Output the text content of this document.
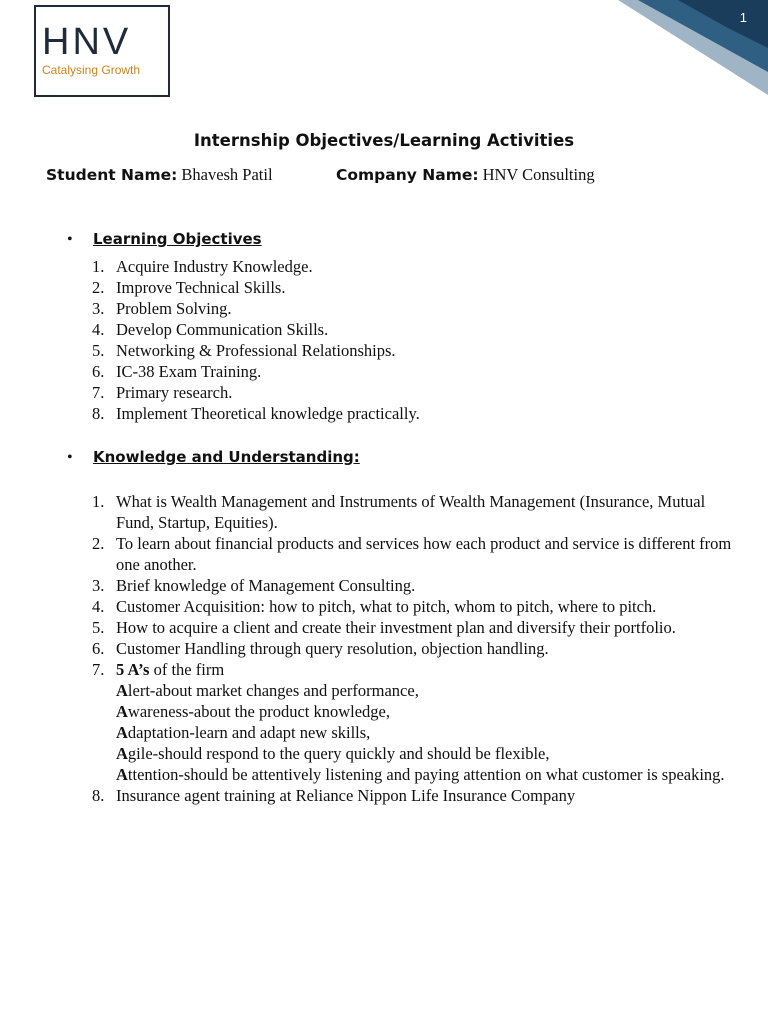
1
HNV
Catalysing Growth
Internship Objectives/Learning Activities
Student Name: Bhavesh Patil	Company Name: HNV Consulting
• Learning Objectives
1. Acquire Industry Knowledge.
2. Improve Technical Skills.
3. Problem Solving.
4. Develop Communication Skills.
5. Networking & Professional Relationships.
6. IC-38 Exam Training.
7. Primary research.
8. Implement Theoretical knowledge practically.
• Knowledge and Understanding:
1. What is Wealth Management and Instruments of Wealth Management (Insurance, Mutual Fund, Startup, Equities).
2. To learn about financial products and services how each product and service is different from one another.
3. Brief knowledge of Management Consulting.
4. Customer Acquisition: how to pitch, what to pitch, whom to pitch, where to pitch.
5. How to acquire a client and create their investment plan and diversify their portfolio.
6. Customer Handling through query resolution, objection handling.
7. 5 A’s of the firm
Alert-about market changes and performance,
Awareness-about the product knowledge,
Adaptation-learn and adapt new skills,
Agile-should respond to the query quickly and should be flexible,
Attention-should be attentively listening and paying attention on what customer is speaking.
8. Insurance agent training at Reliance Nippon Life Insurance Company
